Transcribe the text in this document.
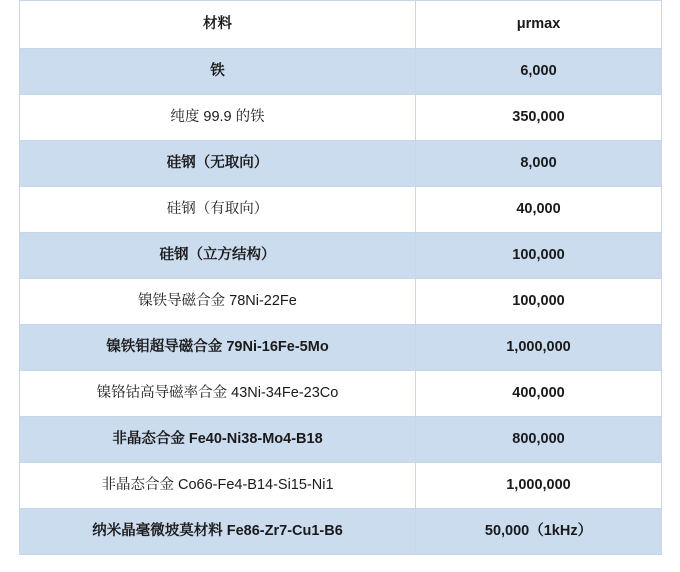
材料	μrmax
铁	6,000
纯度 99.9 的铁	350,000
硅钢（无取向）	8,000
硅钢（有取向）	40,000
硅钢（立方结构）	100,000
镍铁导磁合金 78Ni-22Fe	100,000
镍铁钼超导磁合金 79Ni-16Fe-5Mo	1,000,000
镍铬钴高导磁率合金 43Ni-34Fe-23Co	400,000
非晶态合金 Fe40-Ni38-Mo4-B18	800,000
非晶态合金 Co66-Fe4-B14-Si15-Ni1	1,000,000
纳米晶毫微坡莫材料 Fe86-Zr7-Cu1-B6	50,000（1kHz）
